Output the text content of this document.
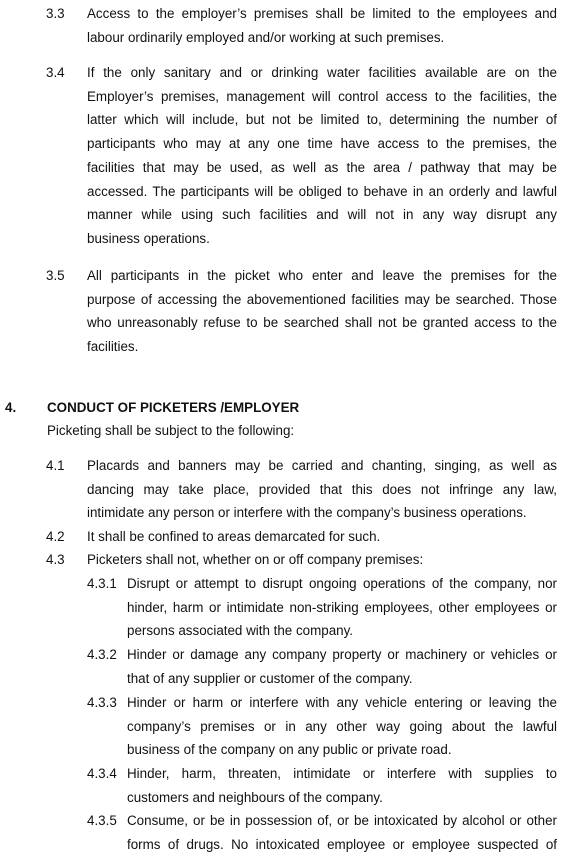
3.3 Access to the employer’s premises shall be limited to the employees and
labour ordinarily employed and/or working at such premises.
3.4 If the only sanitary and or drinking water facilities available are on the
Employer’s premises, management will control access to the facilities, the
latter which will include, but not be limited to, determining the number of
participants who may at any one time have access to the premises, the
facilities that may be used, as well as the area / pathway that may be
accessed. The participants will be obliged to behave in an orderly and lawful
manner while using such facilities and will not in any way disrupt any
business operations.
3.5 All participants in the picket who enter and leave the premises for the
purpose of accessing the abovementioned facilities may be searched. Those
who unreasonably refuse to be searched shall not be granted access to the
facilities.
4. CONDUCT OF PICKETERS /EMPLOYER
Picketing shall be subject to the following:
4.1 Placards and banners may be carried and chanting, singing, as well as
dancing may take place, provided that this does not infringe any law,
intimidate any person or interfere with the company’s business operations.
4.2 It shall be confined to areas demarcated for such.
4.3 Picketers shall not, whether on or off company premises:
4.3.1 Disrupt or attempt to disrupt ongoing operations of the company, nor
hinder, harm or intimidate non-striking employees, other employees or
persons associated with the company.
4.3.2 Hinder or damage any company property or machinery or vehicles or
that of any supplier or customer of the company.
4.3.3 Hinder or harm or interfere with any vehicle entering or leaving the
company’s premises or in any other way going about the lawful
business of the company on any public or private road.
4.3.4 Hinder, harm, threaten, intimidate or interfere with supplies to
customers and neighbours of the company.
4.3.5 Consume, or be in possession of, or be intoxicated by alcohol or other
forms of drugs. No intoxicated employee or employee suspected of
